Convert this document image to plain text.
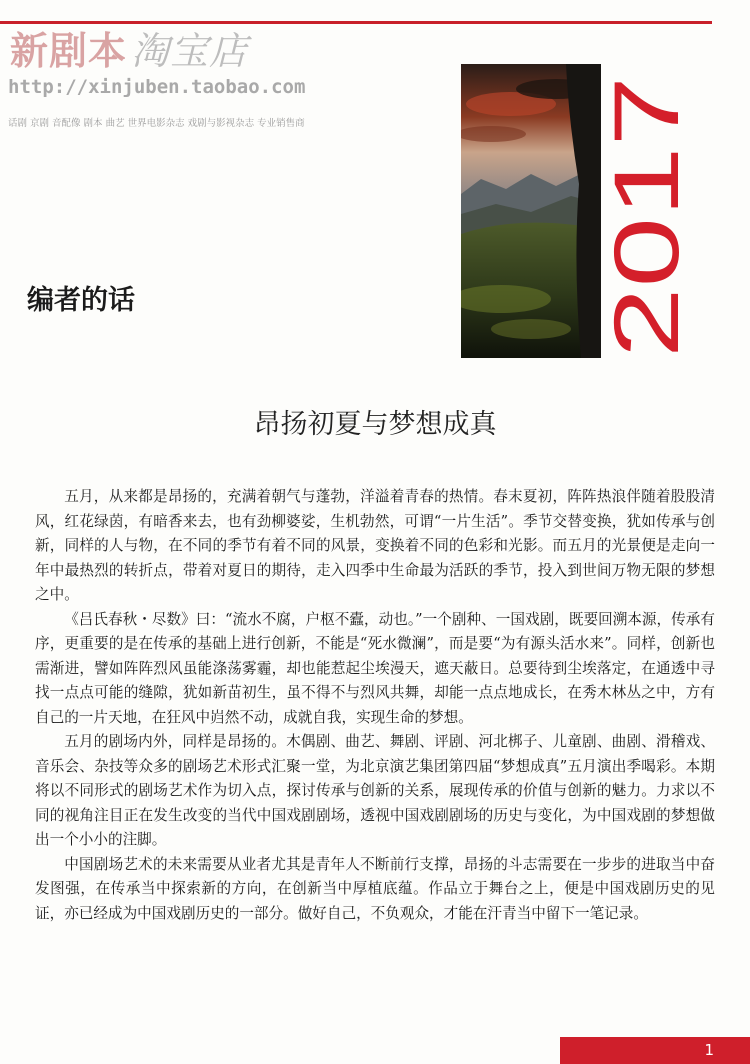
新剧本 淘宝店
http://xinjuben.taobao.com
话剧 京剧 音配像 剧本 曲艺 世界电影杂志 戏剧与影视杂志 专业销售商
2017
编者的话
昂扬初夏与梦想成真

五月，从来都是昂扬的，充满着朝气与蓬勃，洋溢着青春的热情。春末夏初，阵阵热浪伴随着股股清风，红花绿茵，有暗香来去，也有劲柳婆娑，生机勃然，可谓“一片生活”。季节交替变换，犹如传承与创新，同样的人与物，在不同的季节有着不同的风景，变换着不同的色彩和光影。而五月的光景便是走向一年中最热烈的转折点，带着对夏日的期待，走入四季中生命最为活跃的季节，投入到世间万物无限的梦想之中。

《吕氏春秋・尽数》曰：“流水不腐，户枢不蠹，动也。”一个剧种、一国戏剧，既要回溯本源，传承有序，更重要的是在传承的基础上进行创新，不能是“死水微澜”，而是要“为有源头活水来”。同样，创新也需渐进，譬如阵阵烈风虽能涤荡雾霾，却也能惹起尘埃漫天，遮天蔽日。总要待到尘埃落定，在通透中寻找一点点可能的缝隙，犹如新苗初生，虽不得不与烈风共舞，却能一点点地成长，在秀木林丛之中，方有自己的一片天地，在狂风中岿然不动，成就自我，实现生命的梦想。

五月的剧场内外，同样是昂扬的。木偶剧、曲艺、舞剧、评剧、河北梆子、儿童剧、曲剧、滑稽戏、音乐会、杂技等众多的剧场艺术形式汇聚一堂，为北京演艺集团第四届“梦想成真”五月演出季喝彩。本期将以不同形式的剧场艺术作为切入点，探讨传承与创新的关系，展现传承的价值与创新的魅力。力求以不同的视角注目正在发生改变的当代中国戏剧剧场，透视中国戏剧剧场的历史与变化，为中国戏剧的梦想做出一个小小的注脚。

中国剧场艺术的未来需要从业者尤其是青年人不断前行支撑，昂扬的斗志需要在一步步的进取当中奋发图强，在传承当中探索新的方向，在创新当中厚植底蕴。作品立于舞台之上，便是中国戏剧历史的见证，亦已经成为中国戏剧历史的一部分。做好自己，不负观众，才能在汗青当中留下一笔记录。

1
